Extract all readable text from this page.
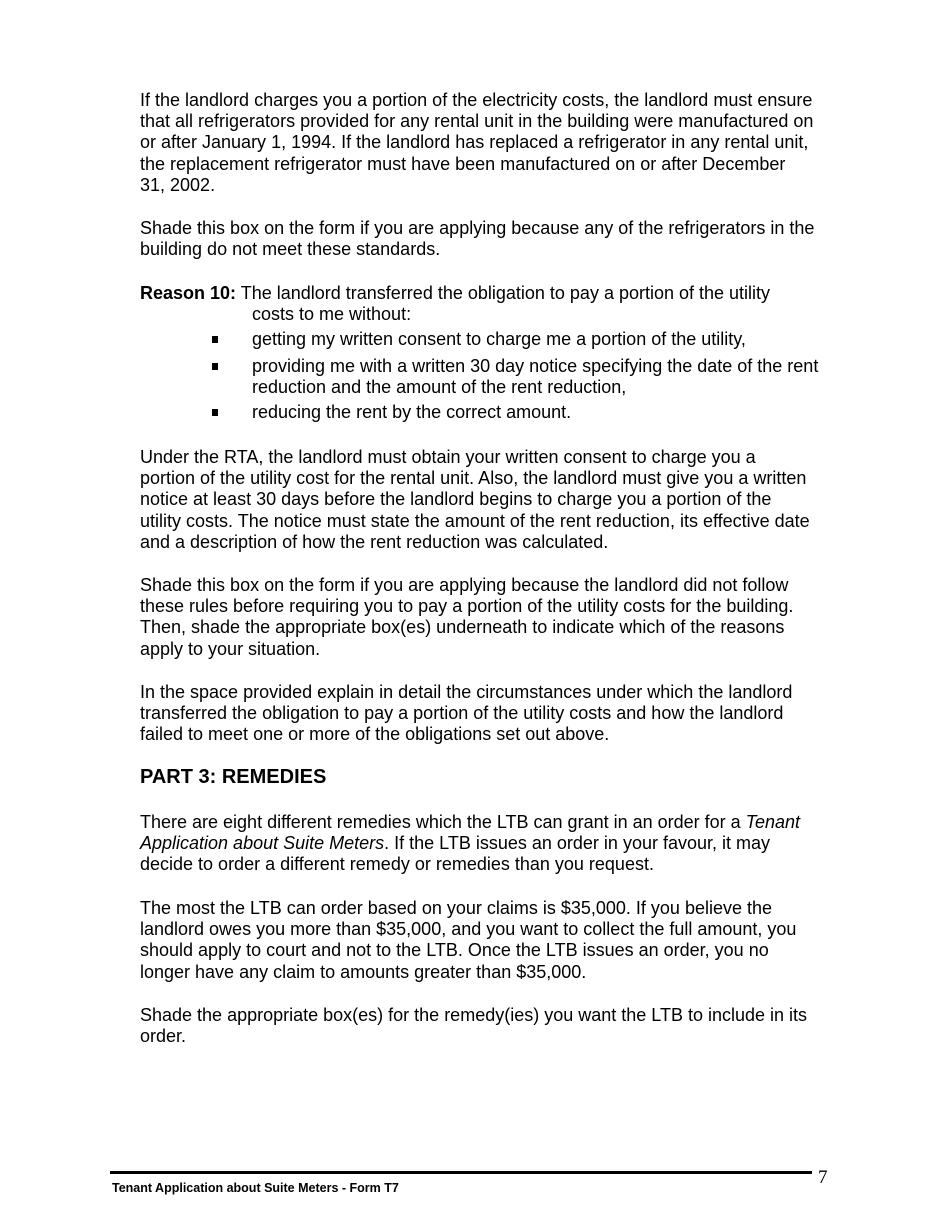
If the landlord charges you a portion of the electricity costs, the landlord must ensure
that all refrigerators provided for any rental unit in the building were manufactured on
or after January 1, 1994. If the landlord has replaced a refrigerator in any rental unit,
the replacement refrigerator must have been manufactured on or after December
31, 2002.
Shade this box on the form if you are applying because any of the refrigerators in the
building do not meet these standards.
Reason 10: The landlord transferred the obligation to pay a portion of the utility
costs to me without:
getting my written consent to charge me a portion of the utility,
providing me with a written 30 day notice specifying the date of the rent
reduction and the amount of the rent reduction,
reducing the rent by the correct amount.
Under the RTA, the landlord must obtain your written consent to charge you a
portion of the utility cost for the rental unit. Also, the landlord must give you a written
notice at least 30 days before the landlord begins to charge you a portion of the
utility costs. The notice must state the amount of the rent reduction, its effective date
and a description of how the rent reduction was calculated.
Shade this box on the form if you are applying because the landlord did not follow
these rules before requiring you to pay a portion of the utility costs for the building.
Then, shade the appropriate box(es) underneath to indicate which of the reasons
apply to your situation.
In the space provided explain in detail the circumstances under which the landlord
transferred the obligation to pay a portion of the utility costs and how the landlord
failed to meet one or more of the obligations set out above.
PART 3: REMEDIES
There are eight different remedies which the LTB can grant in an order for a Tenant
Application about Suite Meters. If the LTB issues an order in your favour, it may
decide to order a different remedy or remedies than you request.
The most the LTB can order based on your claims is $35,000. If you believe the
landlord owes you more than $35,000, and you want to collect the full amount, you
should apply to court and not to the LTB. Once the LTB issues an order, you no
longer have any claim to amounts greater than $35,000.
Shade the appropriate box(es) for the remedy(ies) you want the LTB to include in its
order.
Tenant Application about Suite Meters - Form T7	7
